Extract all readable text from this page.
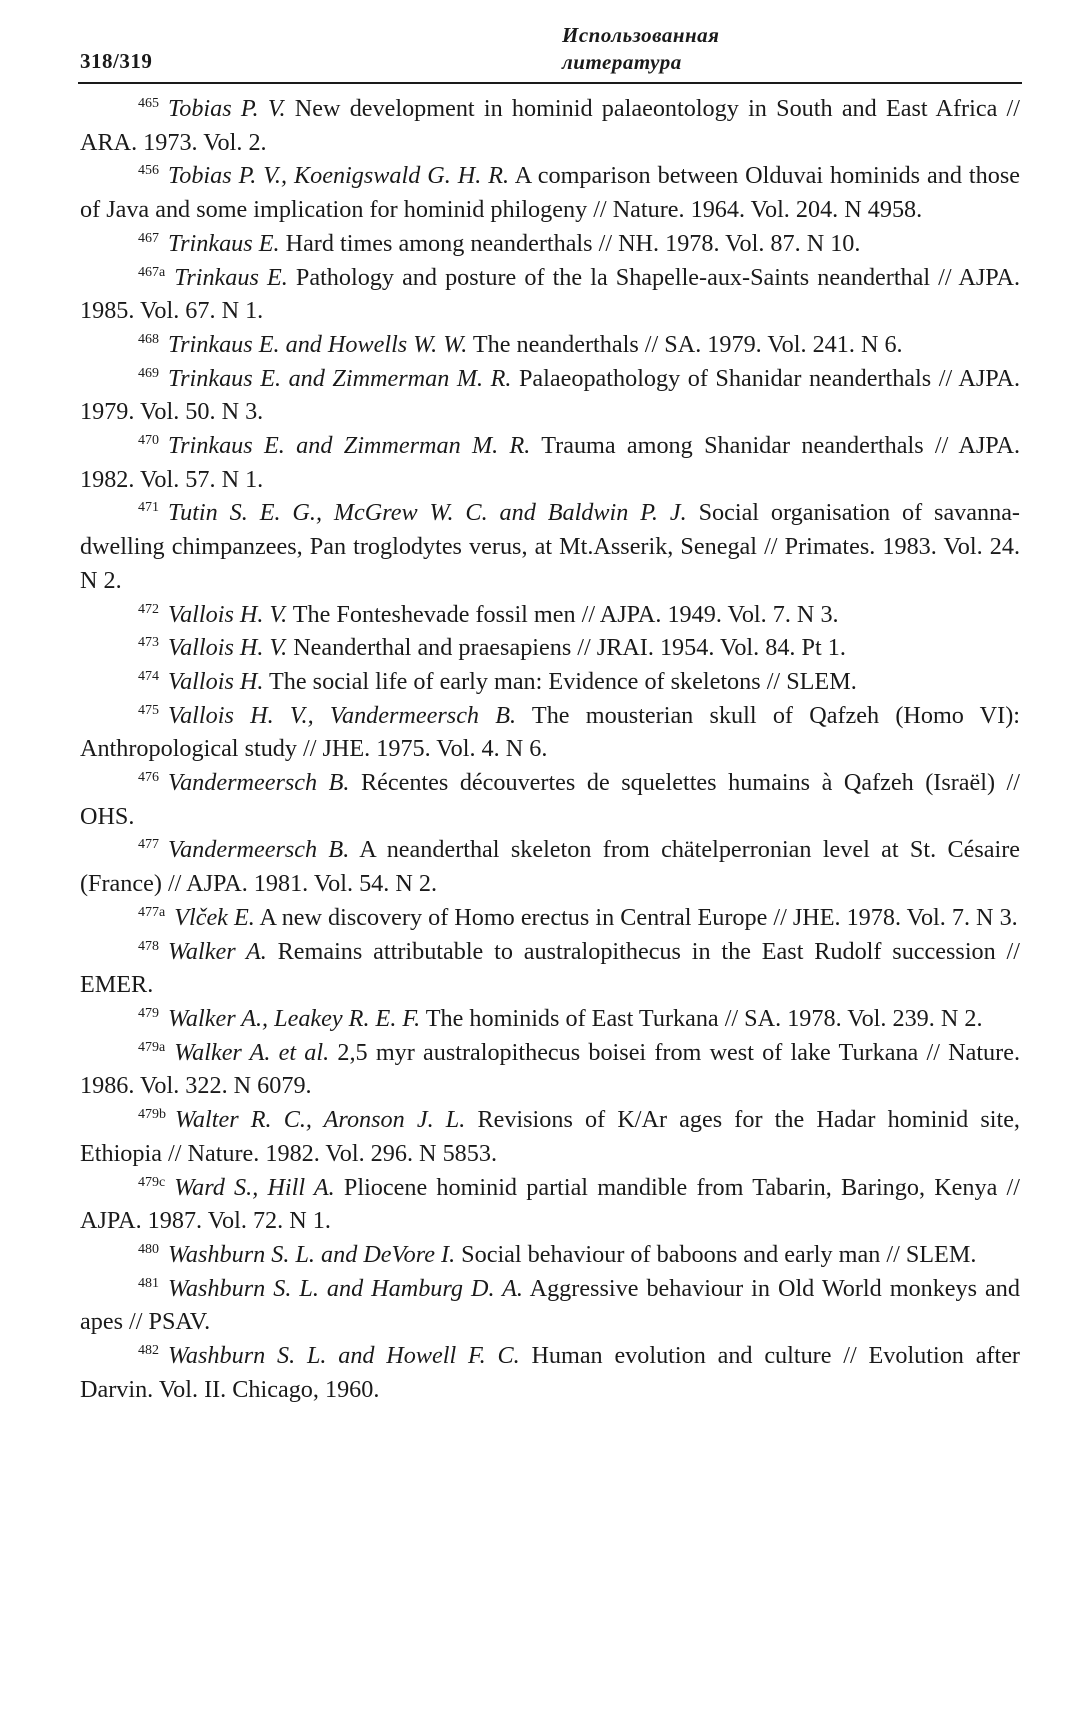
318/319
Использованная
литература

$^{465}$ Tobias P. V. New development in hominid palaeontology in South and East Africa // ARA. 1973. Vol. 2.

$^{456}$ Tobias P. V., Koenigswald G. H. R. A comparison between Olduvai hominids and those of Java and some implication for hominid philogeny // Nature. 1964. Vol. 204. N 4958.

$^{467}$ Trinkaus E. Hard times among neanderthals // NH. 1978. Vol. 87. N 10.

$^{467a}$ Trinkaus E. Pathology and posture of the la Shapelle-aux-Saints neanderthal // AJPA. 1985. Vol. 67. N 1.

$^{468}$ Trinkaus E. and Howells W. W. The neanderthals // SA. 1979. Vol. 241. N 6.

$^{469}$ Trinkaus E. and Zimmerman M. R. Palaeopathology of Shanidar neanderthals // AJPA. 1979. Vol. 50. N 3.

$^{470}$ Trinkaus E. and Zimmerman M. R. Trauma among Shanidar neanderthals // AJPA. 1982. Vol. 57. N 1.

$^{471}$ Tutin S. E. G., McGrew W. C. and Baldwin P. J. Social organisation of savanna-dwelling chimpanzees, Pan troglodytes verus, at Mt.Asserik, Senegal // Primates. 1983. Vol. 24. N 2.

$^{472}$ Vallois H. V. The Fonteshevade fossil men // AJPA. 1949. Vol. 7. N 3.

$^{473}$ Vallois H. V. Neanderthal and praesapiens // JRAI. 1954. Vol. 84. Pt 1.

$^{474}$ Vallois H. The social life of early man: Evidence of skeletons // SLEM.

$^{475}$ Vallois H. V., Vandermeersch B. The mousterian skull of Qafzeh (Homo VI): Anthropological study // JHE. 1975. Vol. 4. N 6.

$^{476}$ Vandermeersch B. Récentes découvertes de squelettes humains à Qafzeh (Israël) // OHS.

$^{477}$ Vandermeersch B. A neanderthal skeleton from chätelperronian level at St. Césaire (France) // AJPA. 1981. Vol. 54. N 2.

$^{477a}$ Vlček E. A new discovery of Homo erectus in Central Europe // JHE. 1978. Vol. 7. N 3.

$^{478}$ Walker A. Remains attributable to australopithecus in the East Rudolf succession // EMER.

$^{479}$ Walker A., Leakey R. E. F. The hominids of East Turkana // SA. 1978. Vol. 239. N 2.

$^{479a}$ Walker A. et al. 2,5 myr australopithecus boisei from west of lake Turkana // Nature. 1986. Vol. 322. N 6079.

$^{479b}$ Walter R. C., Aronson J. L. Revisions of K/Ar ages for the Hadar hominid site, Ethiopia // Nature. 1982. Vol. 296. N 5853.

$^{479c}$ Ward S., Hill A. Pliocene hominid partial mandible from Tabarin, Baringo, Kenya // AJPA. 1987. Vol. 72. N 1.

$^{480}$ Washburn S. L. and DeVore I. Social behaviour of baboons and early man // SLEM.

$^{481}$ Washburn S. L. and Hamburg D. A. Aggressive behaviour in Old World monkeys and apes // PSAV.

$^{482}$ Washburn S. L. and Howell F. C. Human evolution and culture // Evolution after Darvin. Vol. II. Chicago, 1960.
